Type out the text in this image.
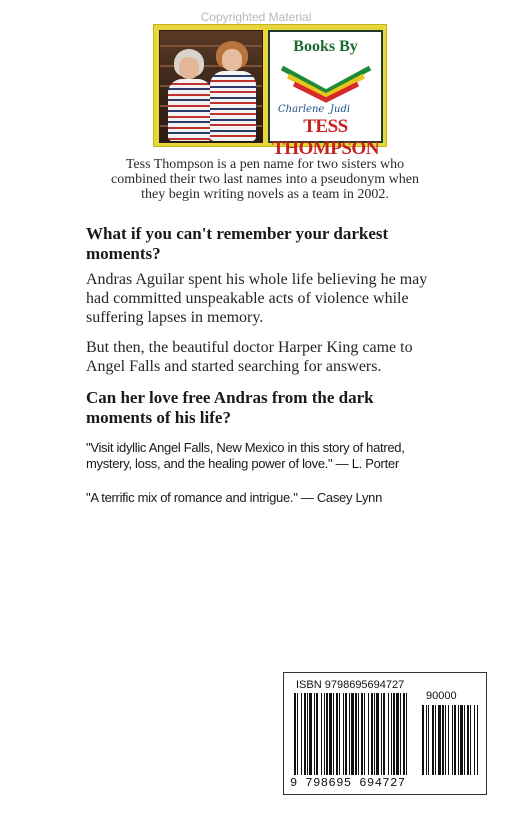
Copyrighted Material
Books By
Charlene Judi
TESS THOMPSON
Tess Thompson is a pen name for two sisters who combined their two last names into a pseudonym when they begin writing novels as a team in 2002.
What if you can't remember your darkest moments?
Andras Aguilar spent his whole life believing he may had committed unspeakable acts of violence while suffering lapses in memory.
But then, the beautiful doctor Harper King came to Angel Falls and started searching for answers.
Can her love free Andras from the dark moments of his life?
"Visit idyllic Angel Falls, New Mexico in this story of hatred, mystery, loss, and the healing power of love." — L. Porter
"A terrific mix of romance and intrigue." — Casey Lynn
ISBN 9798695694727
90000
9 798695 694727
